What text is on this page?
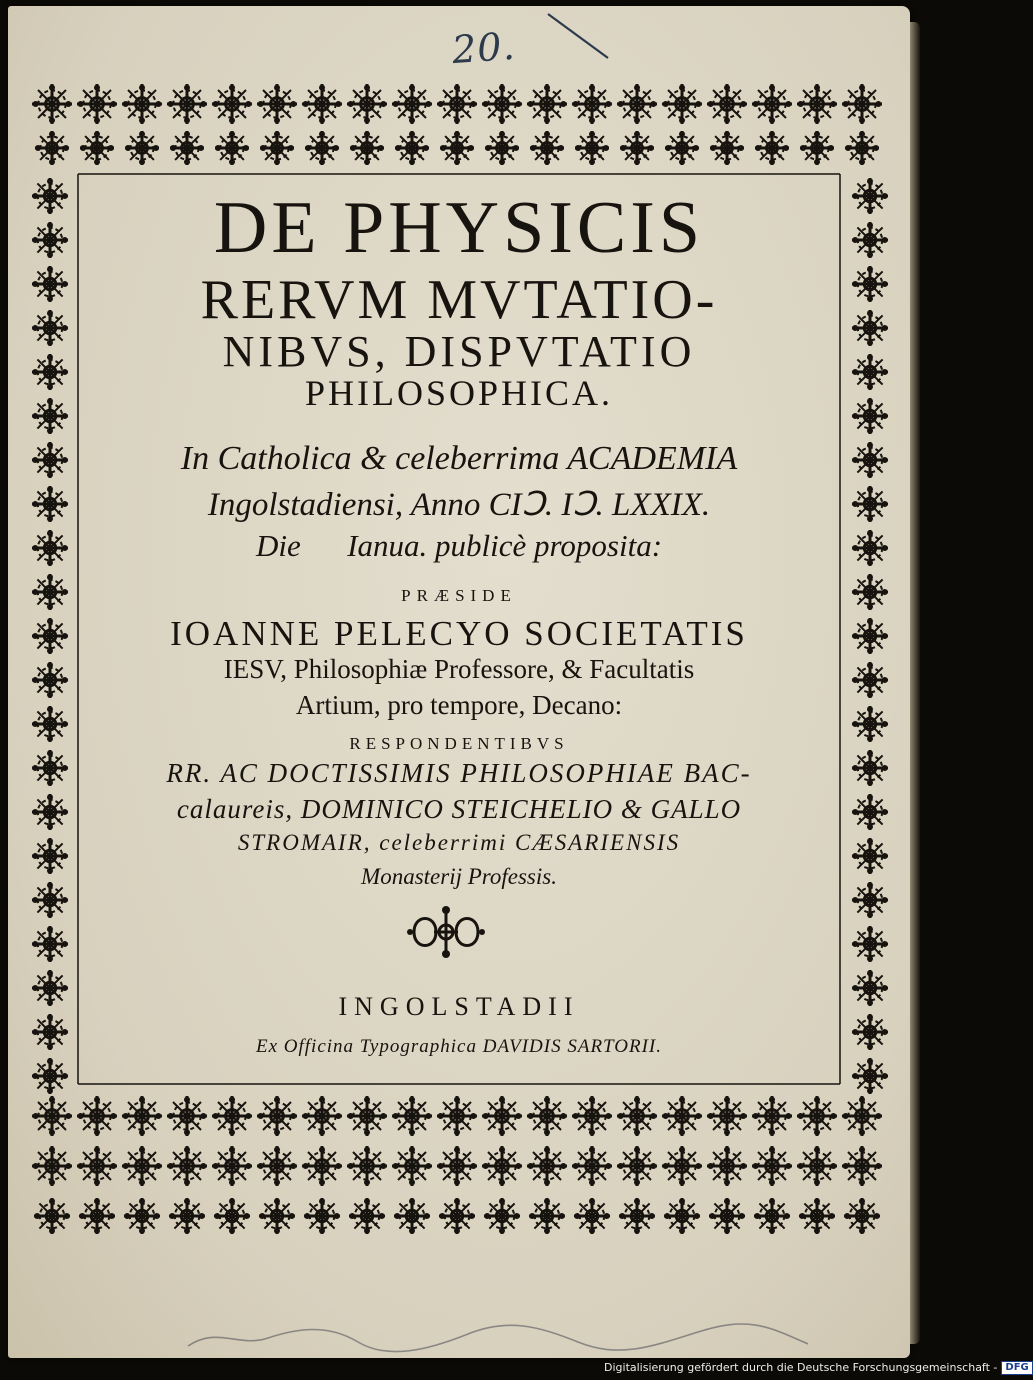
20.
DE PHYSICIS
RERVM MVTATIO-
NIBVS, DISPVTATIO
PHILOSOPHICA.
In Catholica & celeberrima ACADEMIA
Ingolstadiensi, Anno CIↃ. IↃ. LXXIX.
Die      Ianua. publicè proposita:
PRÆSIDE
IOANNE PELECYO SOCIETATIS
IESV, Philosophiæ Professore, & Facultatis
Artium, pro tempore, Decano:
RESPONDENTIBVS
RR. AC DOCTISSIMIS PHILOSOPHIAE BAC-
calaureis, DOMINICO STEICHELIO & GALLO
STROMAIR, celeberrimi CÆSARIENSIS
Monasterij Professis.
INGOLSTADII
Ex Officina Typographica DAVIDIS SARTORII.
Digitalisierung gefördert durch die Deutsche Forschungsgemeinschaft - DFG
